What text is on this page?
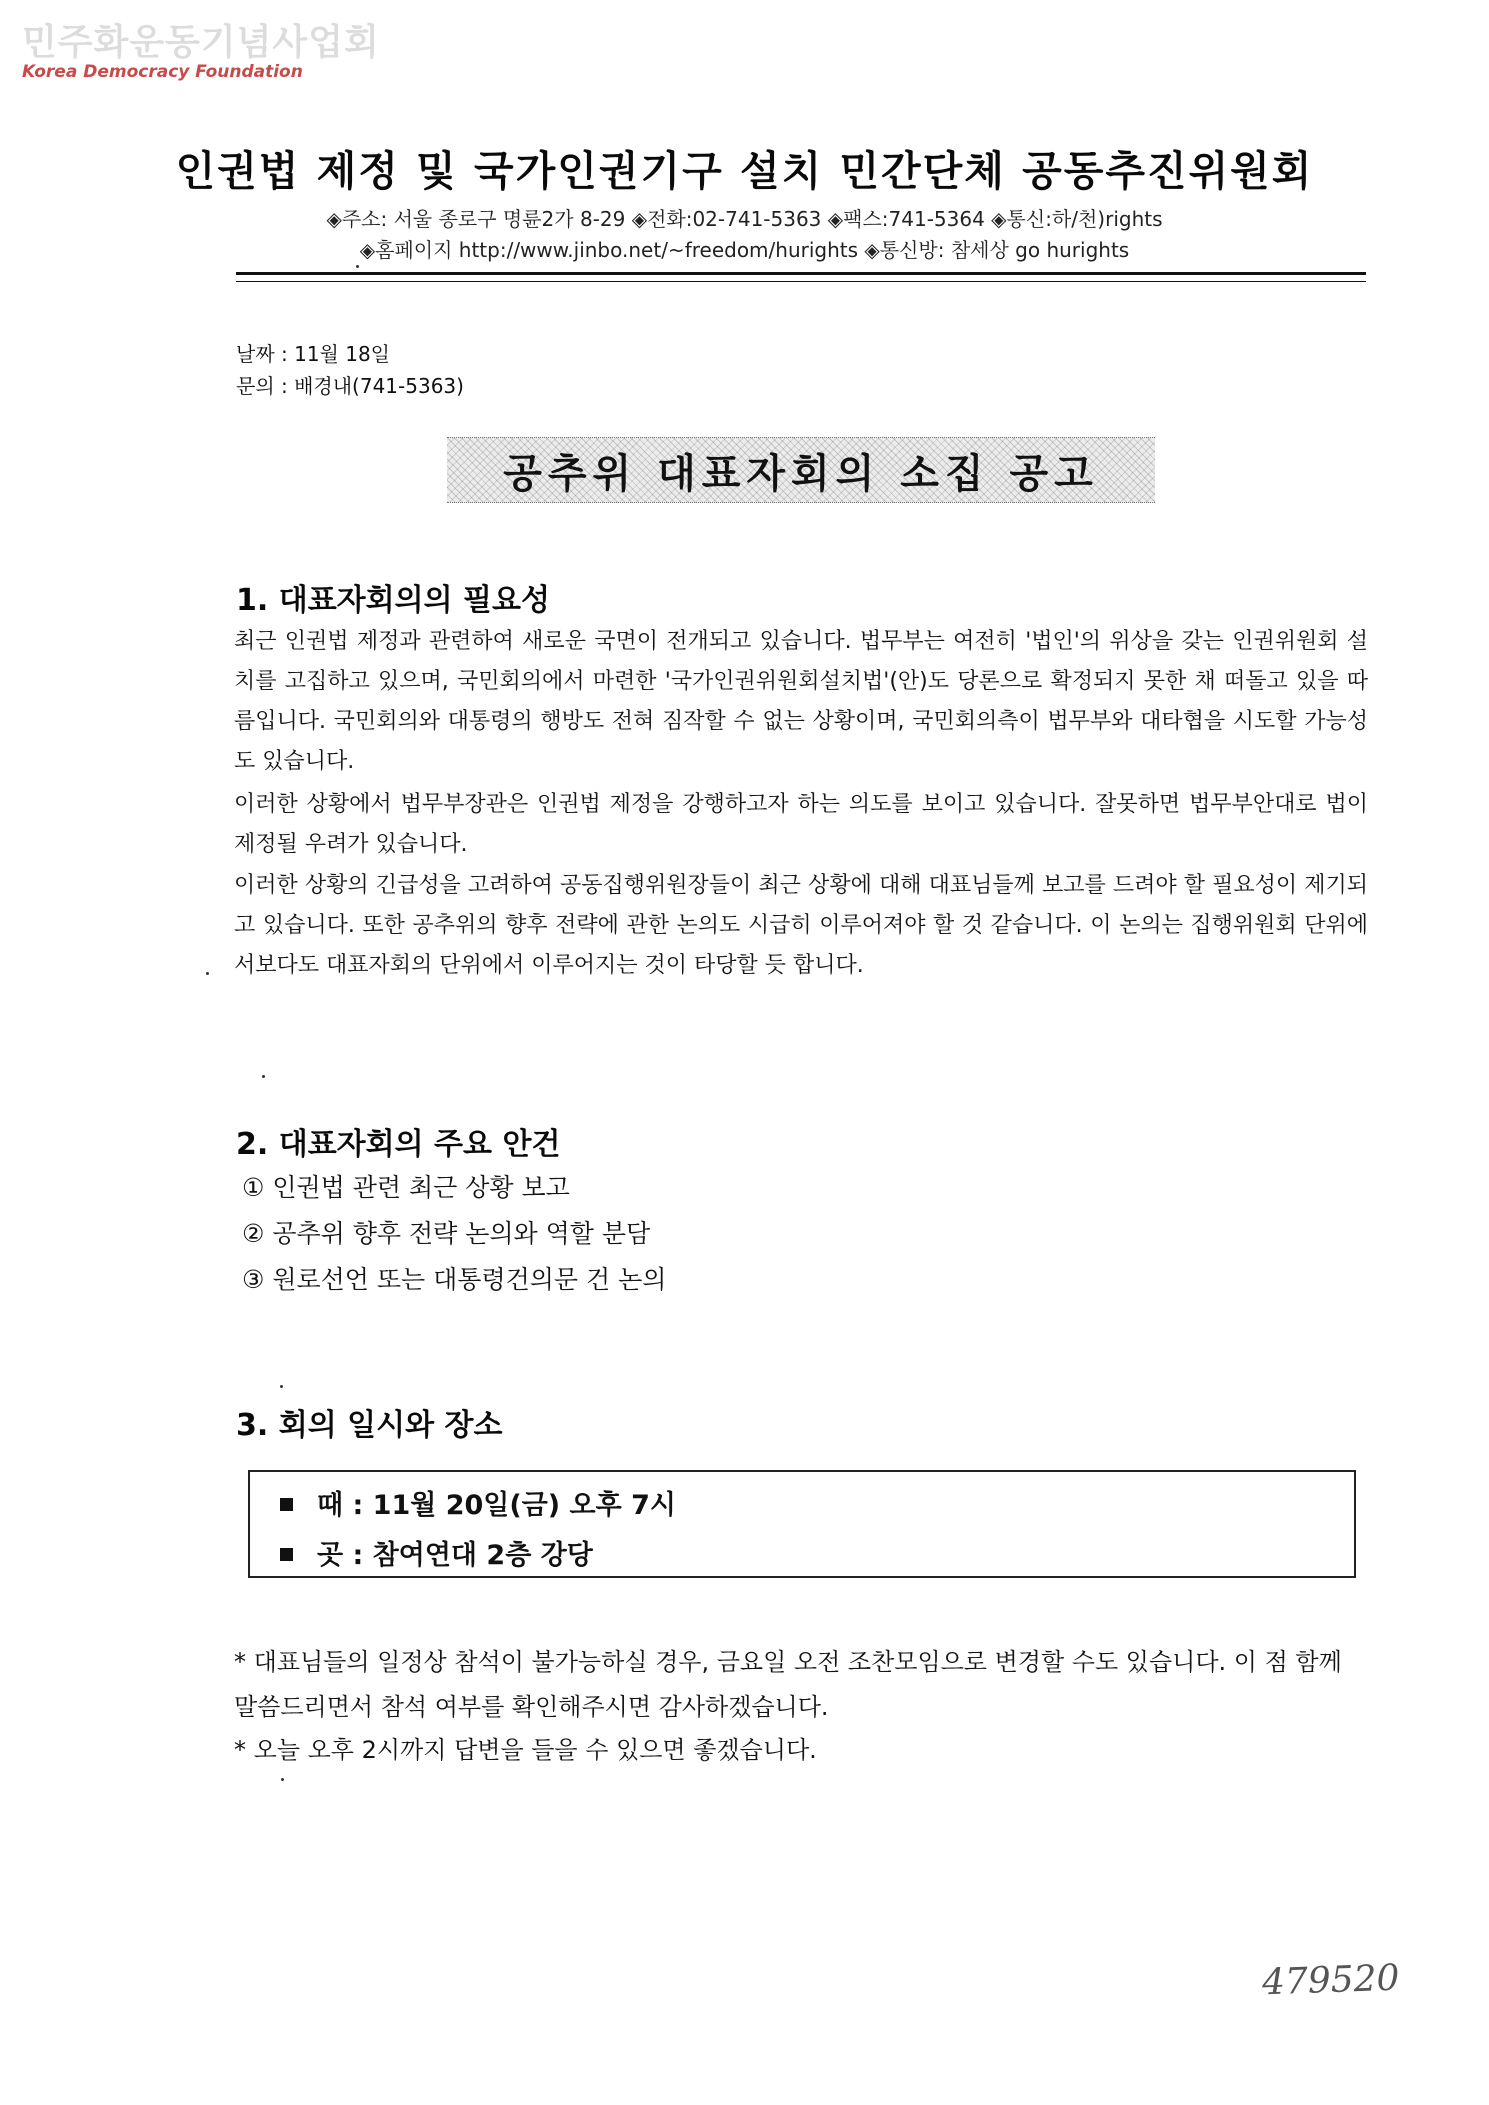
민주화운동기념사업회
Korea Democracy Foundation
인권법 제정 및 국가인권기구 설치 민간단체 공동추진위원회
◈주소: 서울 종로구 명륜2가 8-29 ◈전화:02-741-5363 ◈팩스:741-5364 ◈통신:하/천)rights
◈홈페이지 http://www.jinbo.net/~freedom/hurights ◈통신방: 참세상 go hurights
날짜 : 11월 18일
문의 : 배경내(741-5363)
공추위 대표자회의 소집 공고
1. 대표자회의의 필요성
최근 인권법 제정과 관련하여 새로운 국면이 전개되고 있습니다. 법무부는 여전히 '법인'의 위상을 갖는 인권위원회 설치를 고집하고 있으며, 국민회의에서 마련한 '국가인권위원회설치법'(안)도 당론으로 확정되지 못한 채 떠돌고 있을 따름입니다. 국민회의와 대통령의 행방도 전혀 짐작할 수 없는 상황이며, 국민회의측이 법무부와 대타협을 시도할 가능성도 있습니다.
이러한 상황에서 법무부장관은 인권법 제정을 강행하고자 하는 의도를 보이고 있습니다. 잘못하면 법무부안대로 법이 제정될 우려가 있습니다.
이러한 상황의 긴급성을 고려하여 공동집행위원장들이 최근 상황에 대해 대표님들께 보고를 드려야 할 필요성이 제기되고 있습니다. 또한 공추위의 향후 전략에 관한 논의도 시급히 이루어져야 할 것 같습니다. 이 논의는 집행위원회 단위에서보다도 대표자회의 단위에서 이루어지는 것이 타당할 듯 합니다.
2. 대표자회의 주요 안건
① 인권법 관련 최근 상황 보고
② 공추위 향후 전략 논의와 역할 분담
③ 원로선언 또는 대통령건의문 건 논의
3. 회의 일시와 장소
때 : 11월 20일(금) 오후 7시
곳 : 참여연대 2층 강당
* 대표님들의 일정상 참석이 불가능하실 경우, 금요일 오전 조찬모임으로 변경할 수도 있습니다. 이 점 함께 말씀드리면서 참석 여부를 확인해주시면 감사하겠습니다.
* 오늘 오후 2시까지 답변을 들을 수 있으면 좋겠습니다.
479520
